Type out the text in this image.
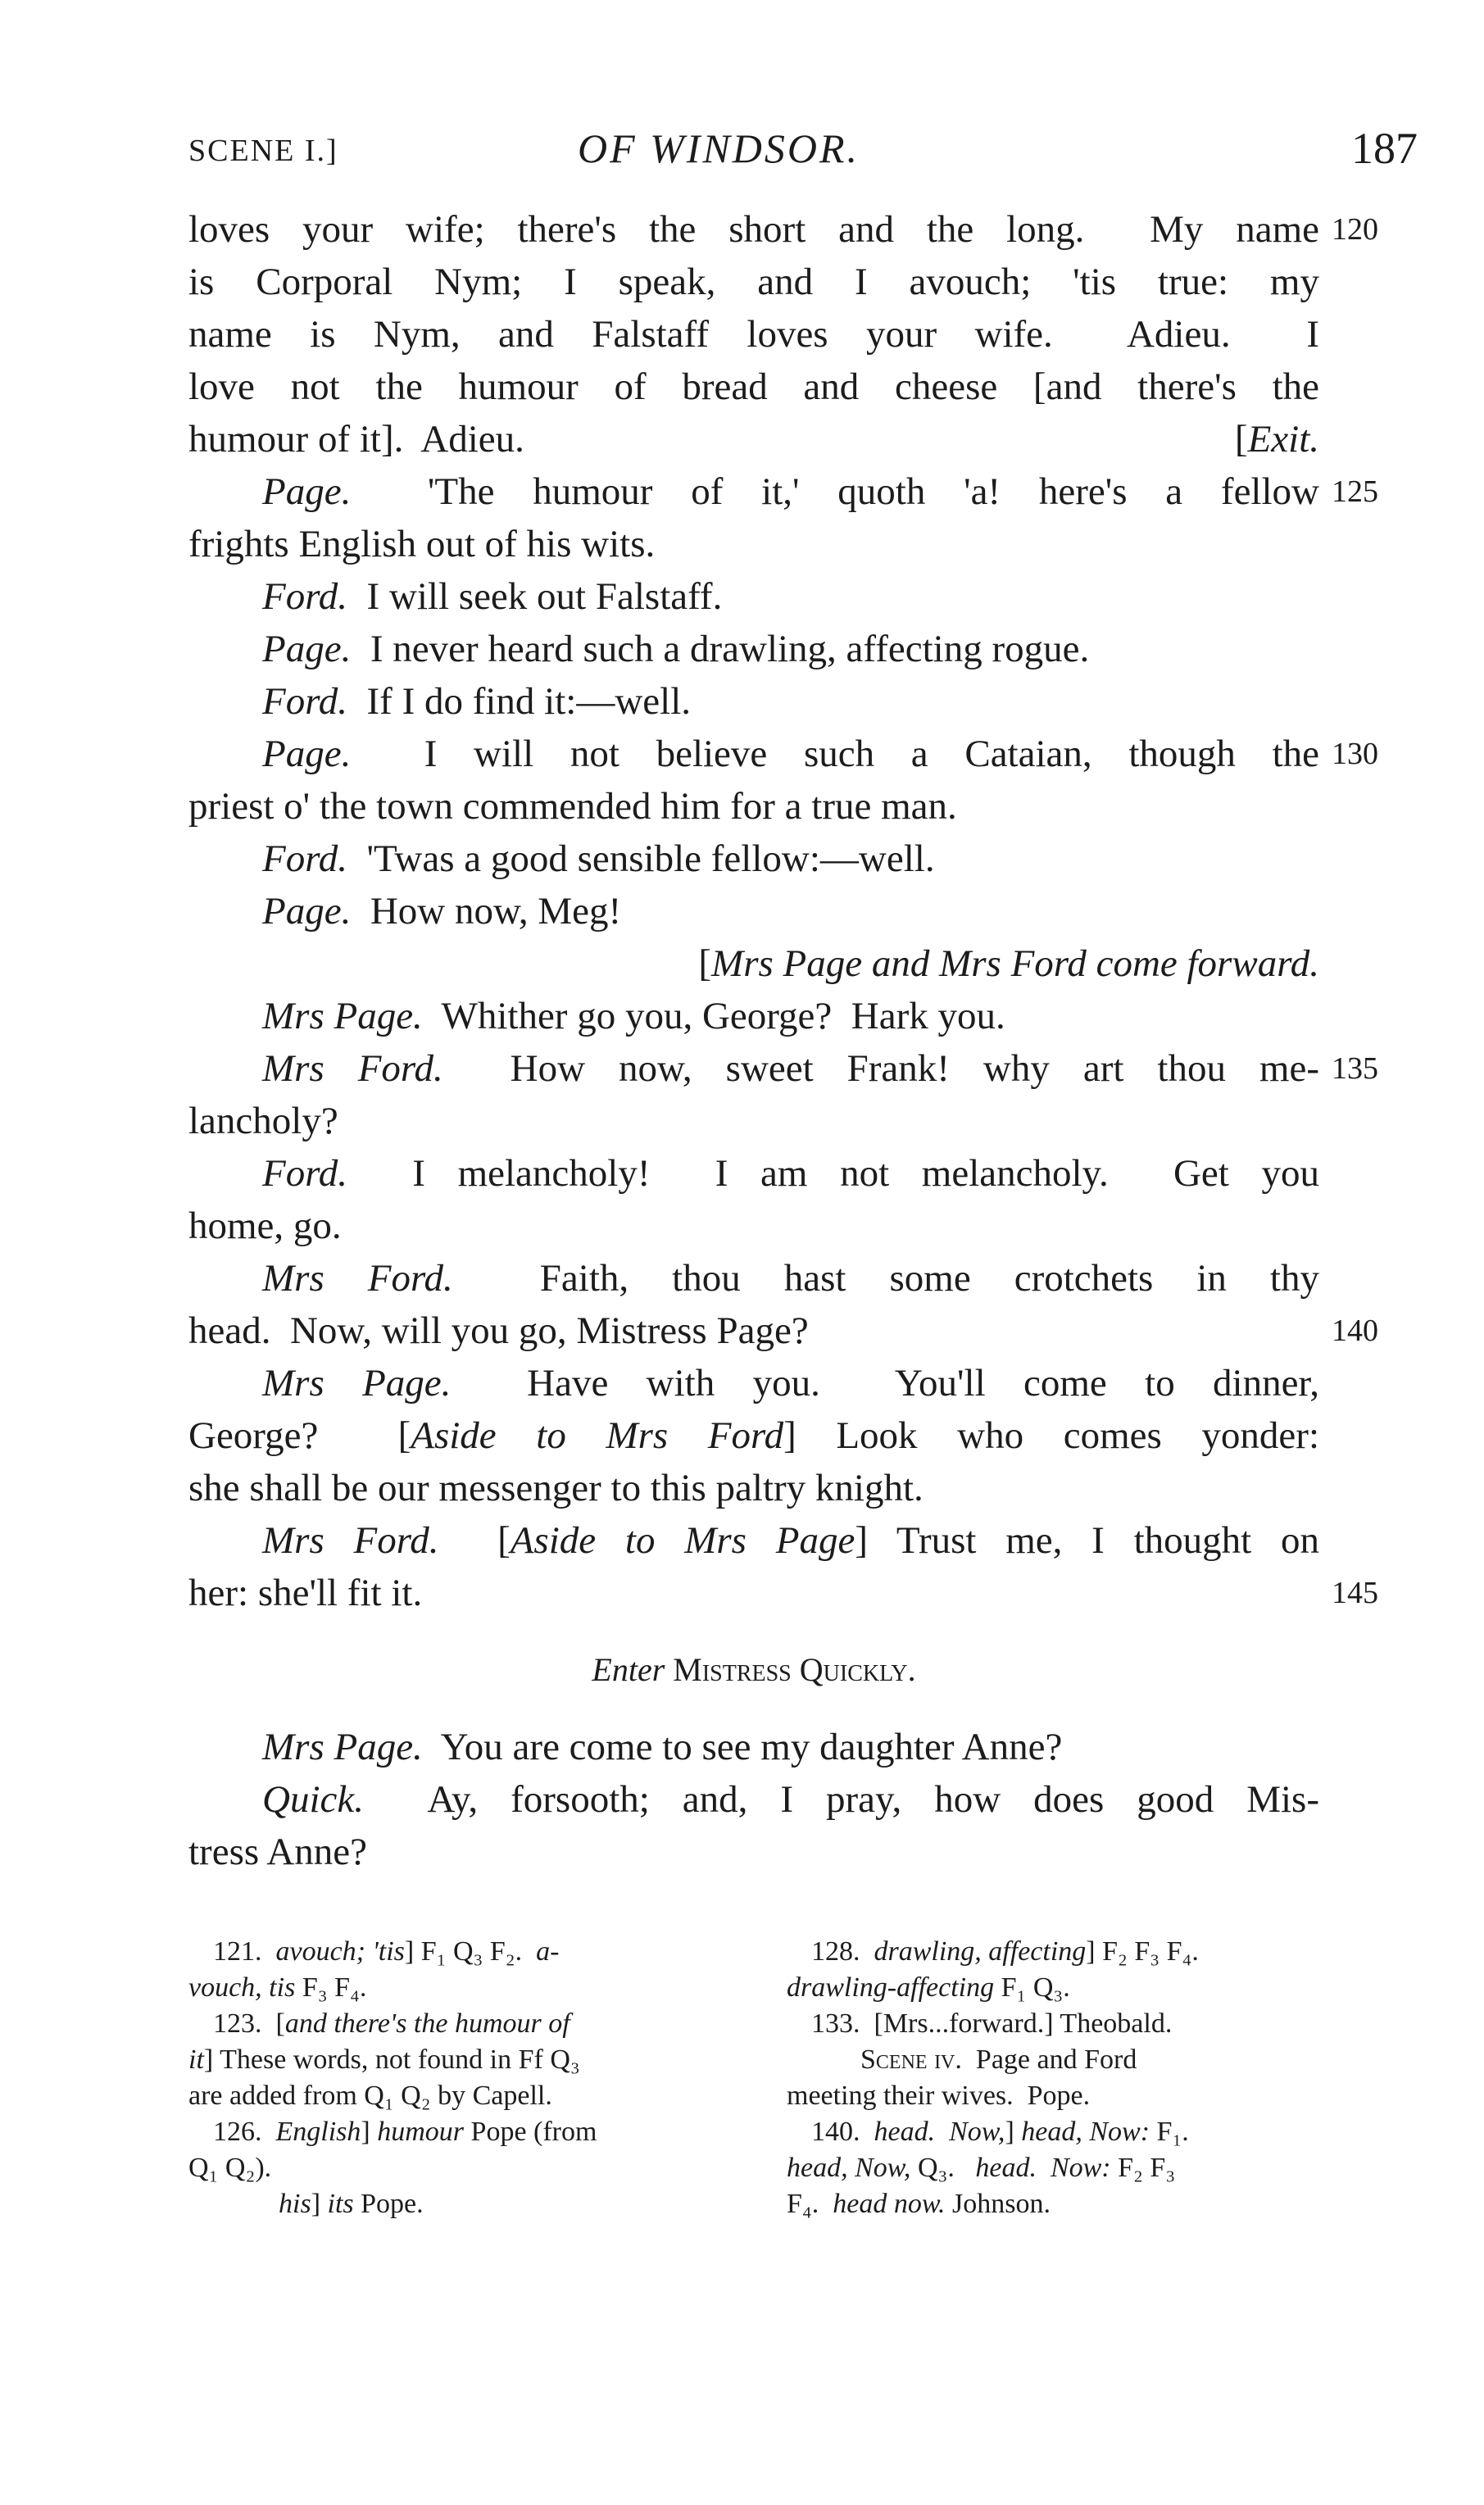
SCENE I.]	OF WINDSOR.	187
loves your wife; there's the short and the long.  My name 120
is Corporal Nym; I speak, and I avouch; 'tis true: my
name is Nym, and Falstaff loves your wife.  Adieu.  I
love not the humour of bread and cheese [and there's the
humour of it].  Adieu.	[Exit.
Page.  'The humour of it,' quoth 'a! here's a fellow 125
frights English out of his wits.
Ford.  I will seek out Falstaff.
Page.  I never heard such a drawling, affecting rogue.
Ford.  If I do find it:—well.
Page.  I will not believe such a Cataian, though the 130
priest o' the town commended him for a true man.
Ford.  'Twas a good sensible fellow:—well.
Page.  How now, Meg!
[Mrs Page and Mrs Ford come forward.
Mrs Page.  Whither go you, George?  Hark you.
Mrs Ford.  How now, sweet Frank! why art thou me- 135
lancholy?
Ford.  I melancholy!  I am not melancholy.  Get you
home, go.
Mrs Ford.  Faith, thou hast some crotchets in thy
head.  Now, will you go, Mistress Page?	140
Mrs Page.  Have with you.  You'll come to dinner,
George?  [Aside to Mrs Ford] Look who comes yonder:
she shall be our messenger to this paltry knight.
Mrs Ford.  [Aside to Mrs Page] Trust me, I thought on
her: she'll fit it.	145
Enter Mistress Quickly.
Mrs Page.  You are come to see my daughter Anne?
Quick.  Ay, forsooth; and, I pray, how does good Mis-
tress Anne?
121.  avouch; 'tis] F₁ Q₃ F₂.  a-
vouch, tis F₃ F₄.
123.  [and there's the humour of
it] These words, not found in Ff Q₃
are added from Q₁ Q₂ by Capell.
126.  English] humour Pope (from
Q₁ Q₂).
his] its Pope.
128.  drawling, affecting] F₂ F₃ F₄.
drawling-affecting F₁ Q₃.
133.  [Mrs...forward.] Theobald.
Scene iv.  Page and Ford
meeting their wives.  Pope.
140.  head.  Now,] head, Now: F₁.
head, Now, Q₃.   head.  Now: F₂ F₃
F₄.  head now. Johnson.
